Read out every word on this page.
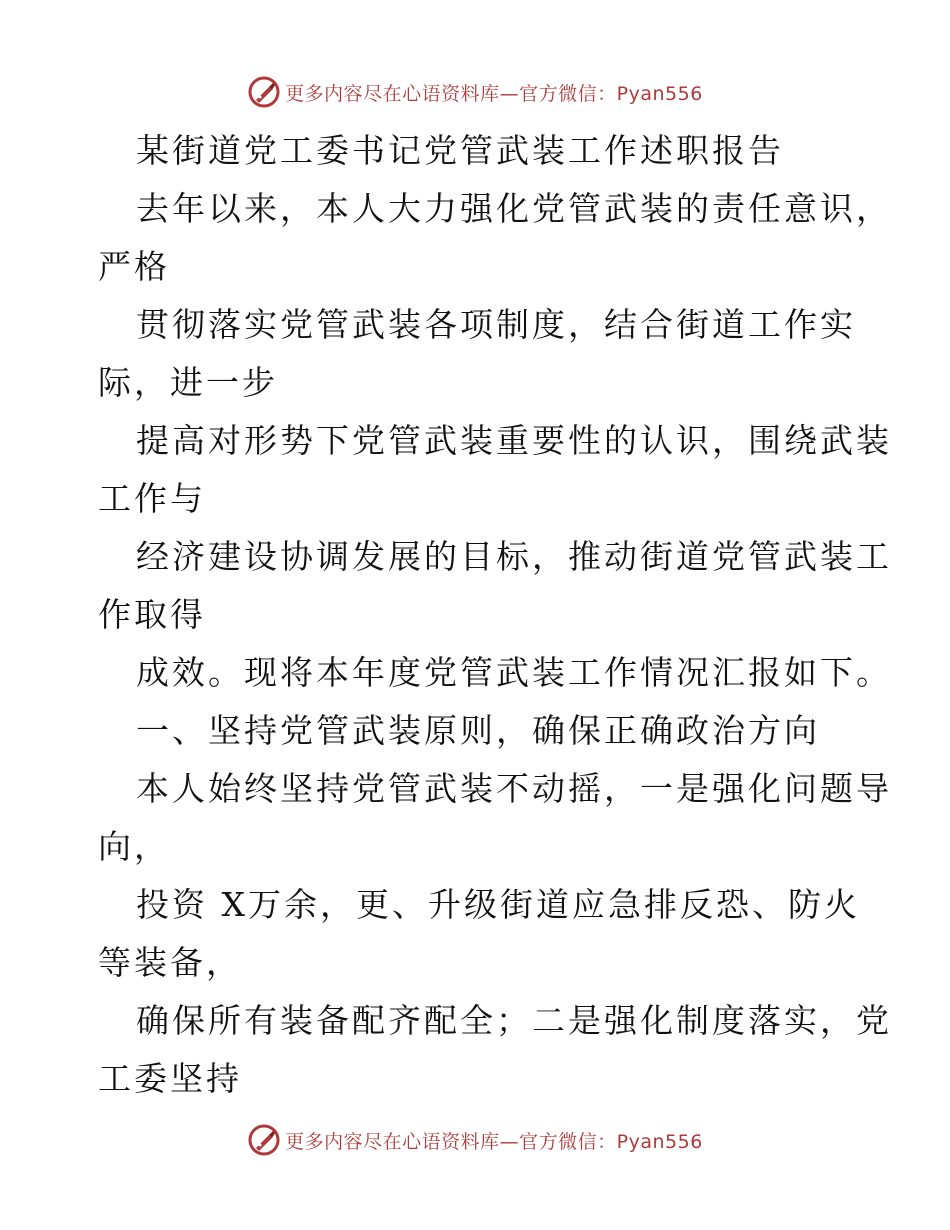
更多内容尽在心语资料库—官方微信：Pyan556
某街道党工委书记党管武装工作述职报告
去年以来，本人大力强化党管武装的责任意识，
严格
贯彻落实党管武装各项制度，结合街道工作实
际，进一步
提高对形势下党管武装重要性的认识，围绕武装
工作与
经济建设协调发展的目标，推动街道党管武装工
作取得
成效。现将本年度党管武装工作情况汇报如下。
一、坚持党管武装原则，确保正确政治方向
本人始终坚持党管武装不动摇，一是强化问题导
向，
投资 X万余，更、升级街道应急排反恐、防火
等装备，
确保所有装备配齐配全；二是强化制度落实，党
工委坚持
更多内容尽在心语资料库—官方微信：Pyan556
